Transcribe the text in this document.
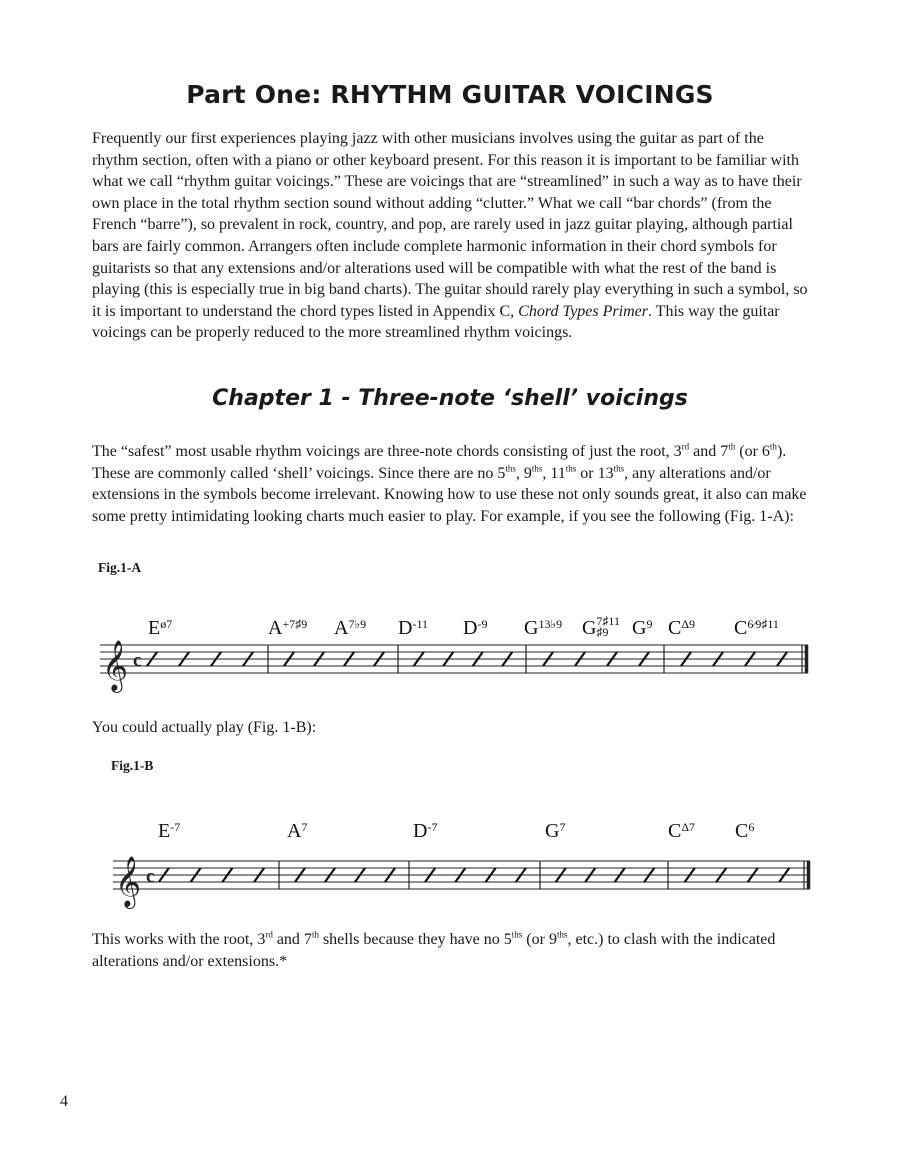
Part One: RHYTHM GUITAR VOICINGS

Frequently our first experiences playing jazz with other musicians involves using the guitar as part of the rhythm section, often with a piano or other keyboard present. For this reason it is important to be familiar with what we call “rhythm guitar voicings.” These are voicings that are “streamlined” in such a way as to have their own place in the total rhythm section sound without adding “clutter.” What we call “bar chords” (from the French “barre”), so prevalent in rock, country, and pop, are rarely used in jazz guitar playing, although partial bars are fairly common. Arrangers often include complete harmonic information in their chord symbols for guitarists so that any extensions and/or alterations used will be compatible with what the rest of the band is playing (this is especially true in big band charts). The guitar should rarely play everything in such a symbol, so it is important to understand the chord types listed in Appendix C, Chord Types Primer. This way the guitar voicings can be properly reduced to the more streamlined rhythm voicings.

Chapter 1 - Three-note ‘shell’ voicings

The “safest” most usable rhythm voicings are three-note chords consisting of just the root, 3rd and 7th (or 6th). These are commonly called ‘shell’ voicings. Since there are no $5^{ths}$, $9^{ths}$, $11^{ths}$ or $13^{ths}$, any alterations and/or extensions in the symbols become irrelevant. Knowing how to use these not only sounds great, it also can make some pretty intimidating looking charts much easier to play. For example, if you see the following (Fig. 1-A):

Fig.1-A

𝄞 c
$E^{ø7}$	$A^{+7♯9}$ $A^{7♭9}$ $D^{-11}$ $D^{-9}$ $G^{13♭9}$ G 7♯11
♯9 $G^9$ $C^{\Delta 9}$ $C^{6⁄9♯11}$

You could actually play (Fig. 1-B):

Fig.1-B

𝄞 c
$E^{-7}$	$A^7$	$D^{-7}$	$G^7$	$C^{\Delta 7}$ $C^6$

This works with the root, 3rd and 7th shells because they have no $5^{ths}$ (or $9^{ths}$, etc.) to clash with the indicated alterations and/or extensions.*

4
